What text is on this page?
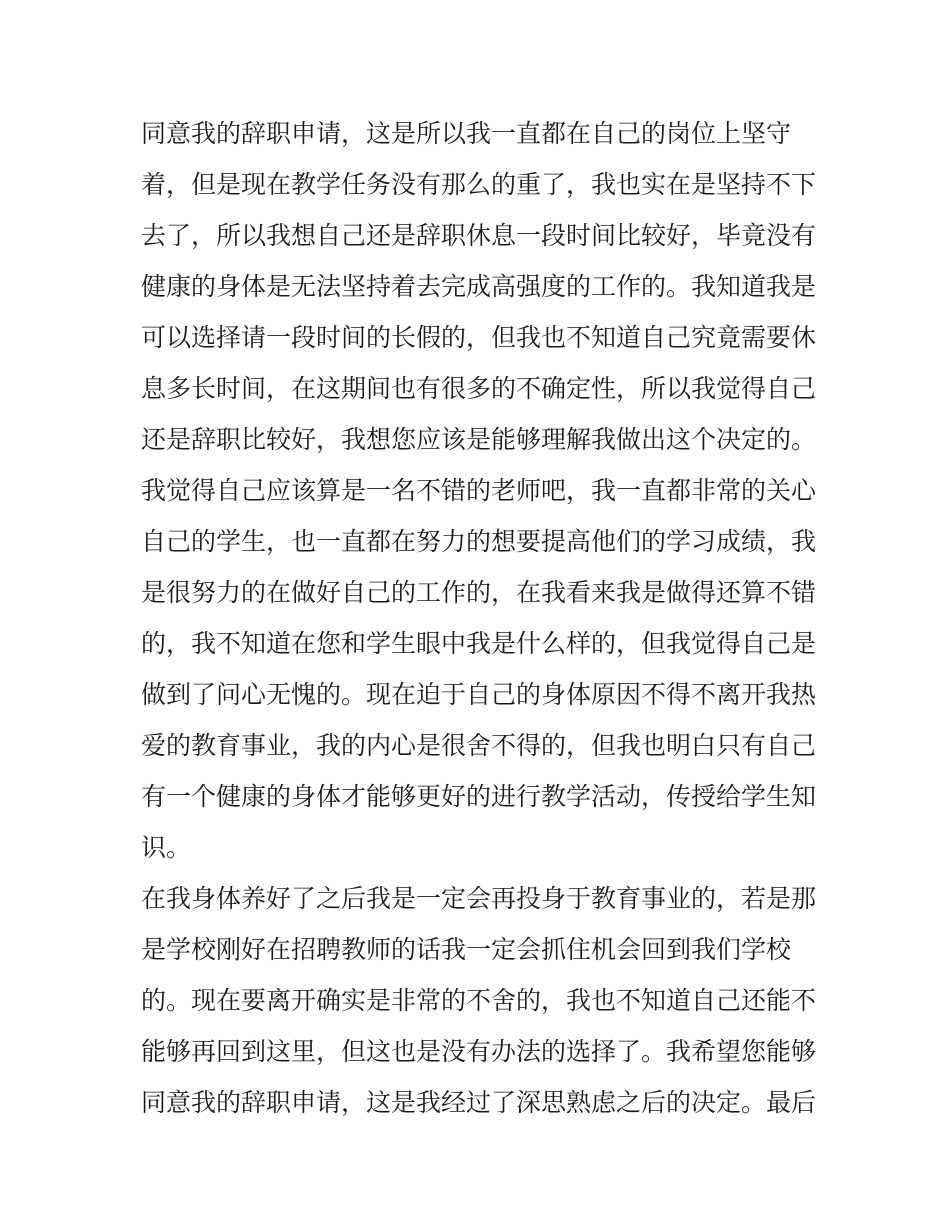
同意我的辞职申请，这是所以我一直都在自己的岗位上坚守
着，但是现在教学任务没有那么的重了，我也实在是坚持不下
去了，所以我想自己还是辞职休息一段时间比较好，毕竟没有
健康的身体是无法坚持着去完成高强度的工作的。我知道我是
可以选择请一段时间的长假的，但我也不知道自己究竟需要休
息多长时间，在这期间也有很多的不确定性，所以我觉得自己
还是辞职比较好，我想您应该是能够理解我做出这个决定的。
我觉得自己应该算是一名不错的老师吧，我一直都非常的关心
自己的学生，也一直都在努力的想要提高他们的学习成绩，我
是很努力的在做好自己的工作的，在我看来我是做得还算不错
的，我不知道在您和学生眼中我是什么样的，但我觉得自己是
做到了问心无愧的。现在迫于自己的身体原因不得不离开我热
爱的教育事业，我的内心是很舍不得的，但我也明白只有自己
有一个健康的身体才能够更好的进行教学活动，传授给学生知
识。
在我身体养好了之后我是一定会再投身于教育事业的，若是那
是学校刚好在招聘教师的话我一定会抓住机会回到我们学校
的。现在要离开确实是非常的不舍的，我也不知道自己还能不
能够再回到这里，但这也是没有办法的选择了。我希望您能够
同意我的辞职申请，这是我经过了深思熟虑之后的决定。最后
